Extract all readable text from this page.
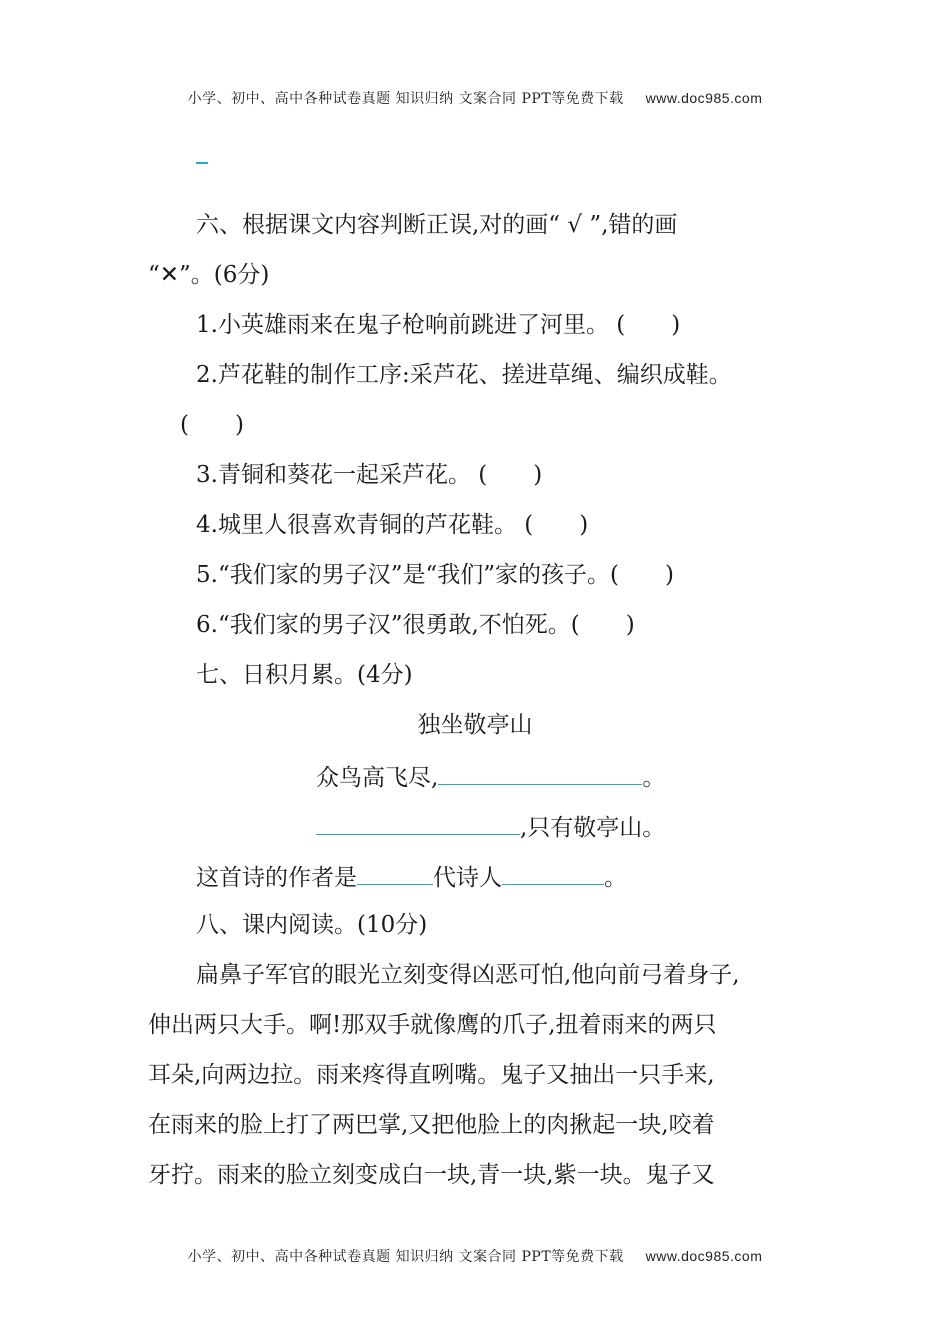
小学、初中、高中各种试卷真题 知识归纳 文案合同 PPT等免费下载 www.doc985.com
六、根据课文内容判断正误,对的画“ √ ”,错的画
“✕”。(6分)
1.小英雄雨来在鬼子枪响前跳进了河里。 (　　)
2.芦花鞋的制作工序:采芦花、搓进草绳、编织成鞋。
(　　)
3.青铜和葵花一起采芦花。 (　　)
4.城里人很喜欢青铜的芦花鞋。 (　　)
5.“我们家的男子汉”是“我们”家的孩子。(　　)
6.“我们家的男子汉”很勇敢,不怕死。(　　)
七、日积月累。(4分)
独坐敬亭山
众鸟高飞尽,	。
,只有敬亭山。
这首诗的作者是	代诗人	。
八、课内阅读。(10分)
扁鼻子军官的眼光立刻变得凶恶可怕,他向前弓着身子,
伸出两只大手。啊!那双手就像鹰的爪子,扭着雨来的两只
耳朵,向两边拉。雨来疼得直咧嘴。鬼子又抽出一只手来,
在雨来的脸上打了两巴掌,又把他脸上的肉揪起一块,咬着
牙拧。雨来的脸立刻变成白一块,青一块,紫一块。鬼子又
小学、初中、高中各种试卷真题 知识归纳 文案合同 PPT等免费下载 www.doc985.com
